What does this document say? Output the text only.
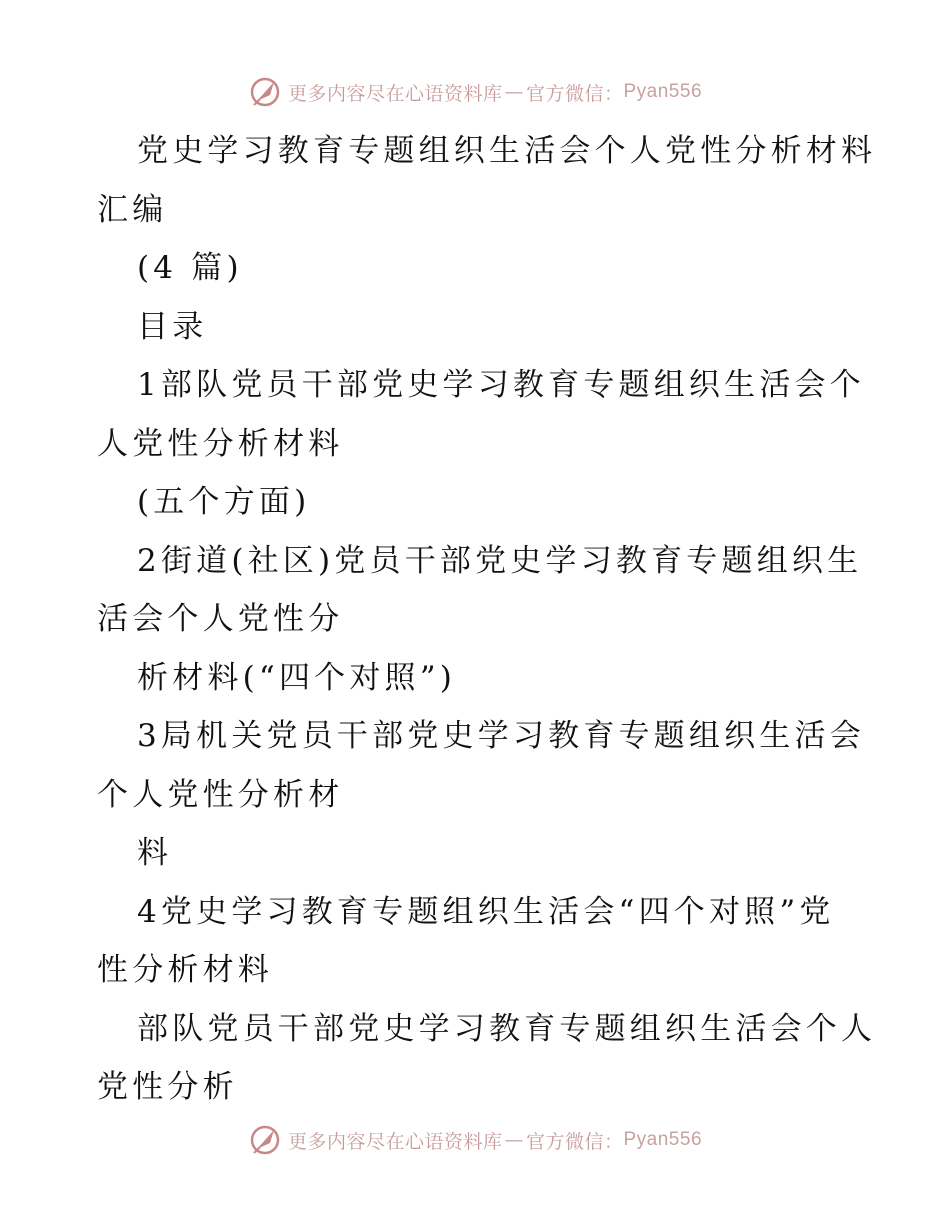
更多内容尽在心语资料库 — 官方微信： Pyan556
党史学习教育专题组织生活会个人党性分析材料
汇编
(4 篇)
目录
1部队党员干部党史学习教育专题组织生活会个
人党性分析材料
(五个方面)
2街道(社区)党员干部党史学习教育专题组织生
活会个人党性分
析材料(“四个对照”)
3局机关党员干部党史学习教育专题组织生活会
个人党性分析材
料
4党史学习教育专题组织生活会“四个对照”党
性分析材料
部队党员干部党史学习教育专题组织生活会个人
党性分析
更多内容尽在心语资料库 — 官方微信： Pyan556
